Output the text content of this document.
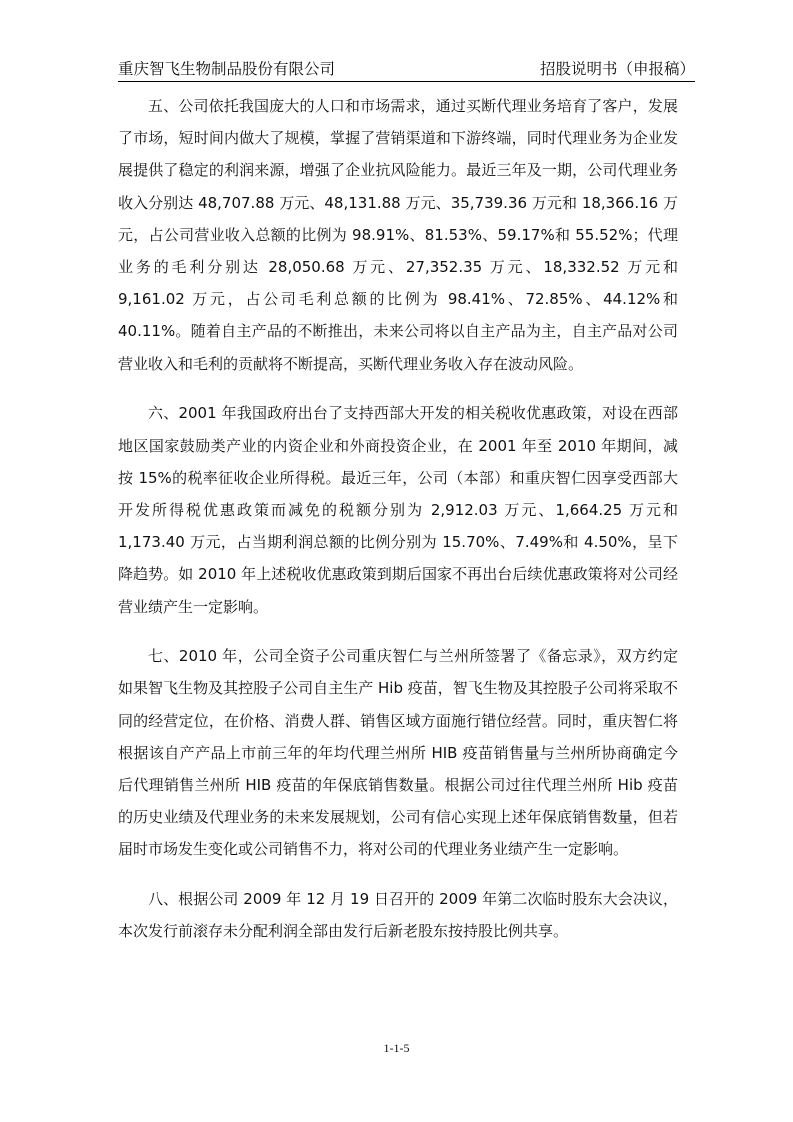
重庆智飞生物制品股份有限公司	招股说明书（申报稿）

五、公司依托我国庞大的人口和市场需求，通过买断代理业务培育了客户，发展了市场，短时间内做大了规模，掌握了营销渠道和下游终端，同时代理业务为企业发展提供了稳定的利润来源，增强了企业抗风险能力。最近三年及一期，公司代理业务收入分别达 48,707.88 万元、48,131.88 万元、35,739.36 万元和 18,366.16 万元，占公司营业收入总额的比例为 98.91%、81.53%、59.17%和 55.52%；代理业务的毛利分别达 28,050.68 万元、27,352.35 万元、18,332.52 万元和 9,161.02 万元，占公司毛利总额的比例为 98.41%、72.85%、44.12%和 40.11%。随着自主产品的不断推出，未来公司将以自主产品为主，自主产品对公司营业收入和毛利的贡献将不断提高，买断代理业务收入存在波动风险。

六、2001 年我国政府出台了支持西部大开发的相关税收优惠政策，对设在西部地区国家鼓励类产业的内资企业和外商投资企业，在 2001 年至 2010 年期间，减按 15%的税率征收企业所得税。最近三年，公司（本部）和重庆智仁因享受西部大开发所得税优惠政策而减免的税额分别为 2,912.03 万元、1,664.25 万元和 1,173.40 万元，占当期利润总额的比例分别为 15.70%、7.49%和 4.50%，呈下降趋势。如 2010 年上述税收优惠政策到期后国家不再出台后续优惠政策将对公司经营业绩产生一定影响。

七、2010 年，公司全资子公司重庆智仁与兰州所签署了《备忘录》，双方约定如果智飞生物及其控股子公司自主生产 Hib 疫苗，智飞生物及其控股子公司将采取不同的经营定位，在价格、消费人群、销售区域方面施行错位经营。同时，重庆智仁将根据该自产产品上市前三年的年均代理兰州所 HIB 疫苗销售量与兰州所协商确定今后代理销售兰州所 HIB 疫苗的年保底销售数量。根据公司过往代理兰州所 Hib 疫苗的历史业绩及代理业务的未来发展规划，公司有信心实现上述年保底销售数量，但若届时市场发生变化或公司销售不力，将对公司的代理业务业绩产生一定影响。

八、根据公司 2009 年 12 月 19 日召开的 2009 年第二次临时股东大会决议，本次发行前滚存未分配利润全部由发行后新老股东按持股比例共享。

1-1-5
